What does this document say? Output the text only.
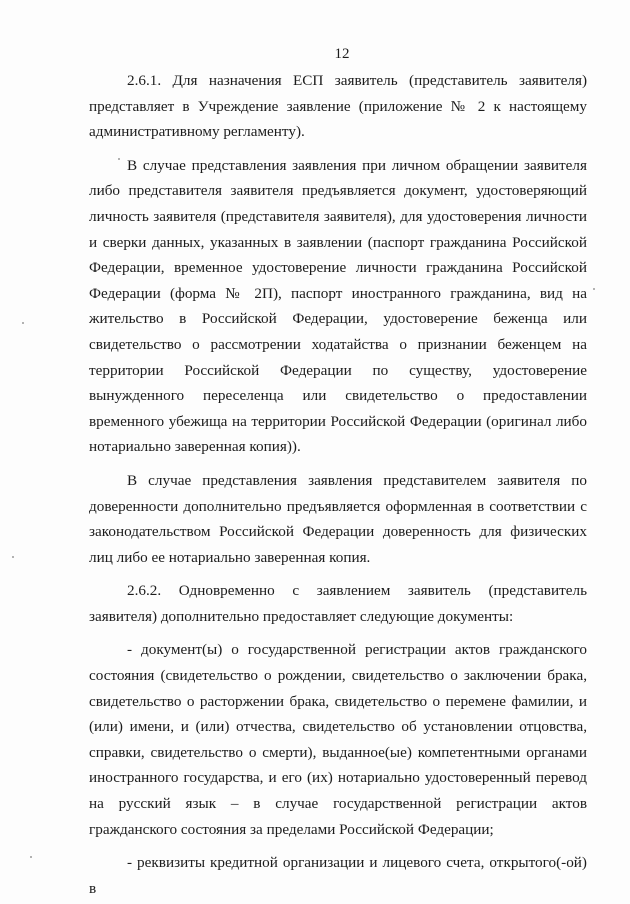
12

2.6.1. Для назначения ЕСП заявитель (представитель заявителя) представляет в Учреждение заявление (приложение № 2 к настоящему административному регламенту).

В случае представления заявления при личном обращении заявителя либо представителя заявителя предъявляется документ, удостоверяющий личность заявителя (представителя заявителя), для удостоверения личности и сверки данных, указанных в заявлении (паспорт гражданина Российской Федерации, временное удостоверение личности гражданина Российской Федерации (форма № 2П), паспорт иностранного гражданина, вид на жительство в Российской Федерации, удостоверение беженца или свидетельство о рассмотрении ходатайства о признании беженцем на территории Российской Федерации по существу, удостоверение вынужденного переселенца или свидетельство о предоставлении временного убежища на территории Российской Федерации (оригинал либо нотариально заверенная копия)).

В случае представления заявления представителем заявителя по доверенности дополнительно предъявляется оформленная в соответствии с законодательством Российской Федерации доверенность для физических лиц либо ее нотариально заверенная копия.

2.6.2. Одновременно с заявлением заявитель (представитель заявителя) дополнительно предоставляет следующие документы:

- документ(ы) о государственной регистрации актов гражданского состояния (свидетельство о рождении, свидетельство о заключении брака, свидетельство о расторжении брака, свидетельство о перемене фамилии, и (или) имени, и (или) отчества, свидетельство об установлении отцовства, справки, свидетельство о смерти), выданное(ые) компетентными органами иностранного государства, и его (их) нотариально удостоверенный перевод на русский язык – в случае государственной регистрации актов гражданского состояния за пределами Российской Федерации;

- реквизиты кредитной организации и лицевого счета, открытого(-ой) в
